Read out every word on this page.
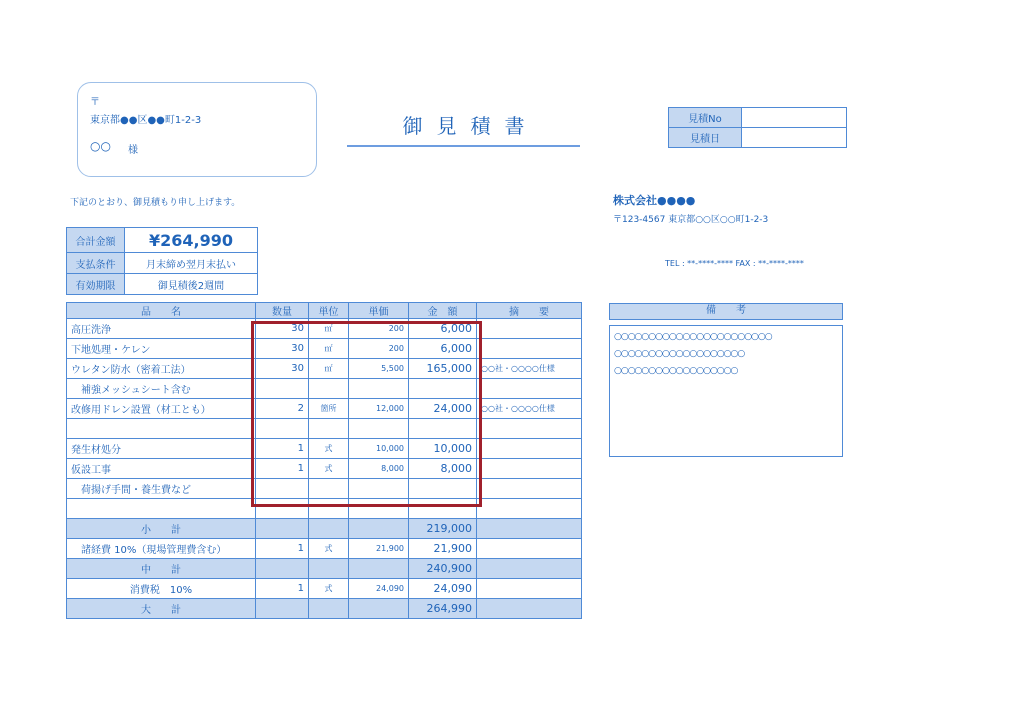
〒
東京都●●区●●町1-2-3
○○ 様
御見積書	見積No	
見積日	
下記のとおり、御見積もり申し上げます。	株式会社●●●●
〒123-4567 東京都○○区○○町1-2-3
TEL : **-****-**** FAX : **-****-****
合計金額	¥264,990
支払条件	月末締め翌月末払い
有効期限	御見積後2週間
品　　名	数量	単位	単価	金　額	摘　　要
高圧洗浄	30	㎡	200	6,000	
下地処理・ケレン	30	㎡	200	6,000	
ウレタン防水（密着工法）	30	㎡	5,500	165,000	○○社・○○○○仕様
補強メッシュシート含む					
改修用ドレン設置（材工とも）	2	箇所	12,000	24,000	○○社・○○○○仕様

発生材処分	1	式	10,000	10,000	
仮設工事	1	式	8,000	8,000	
荷揚げ手間・養生費など					

小　　計				219,000	
諸経費 10%（現場管理費含む）	1	式	21,900	21,900	
中　　計				240,900	
消費税　10%	1	式	24,090	24,090	
大　　計				264,990	
備　　考
○○○○○○○○○○○○○○○○○○○○○○○
○○○○○○○○○○○○○○○○○○○
○○○○○○○○○○○○○○○○○○
